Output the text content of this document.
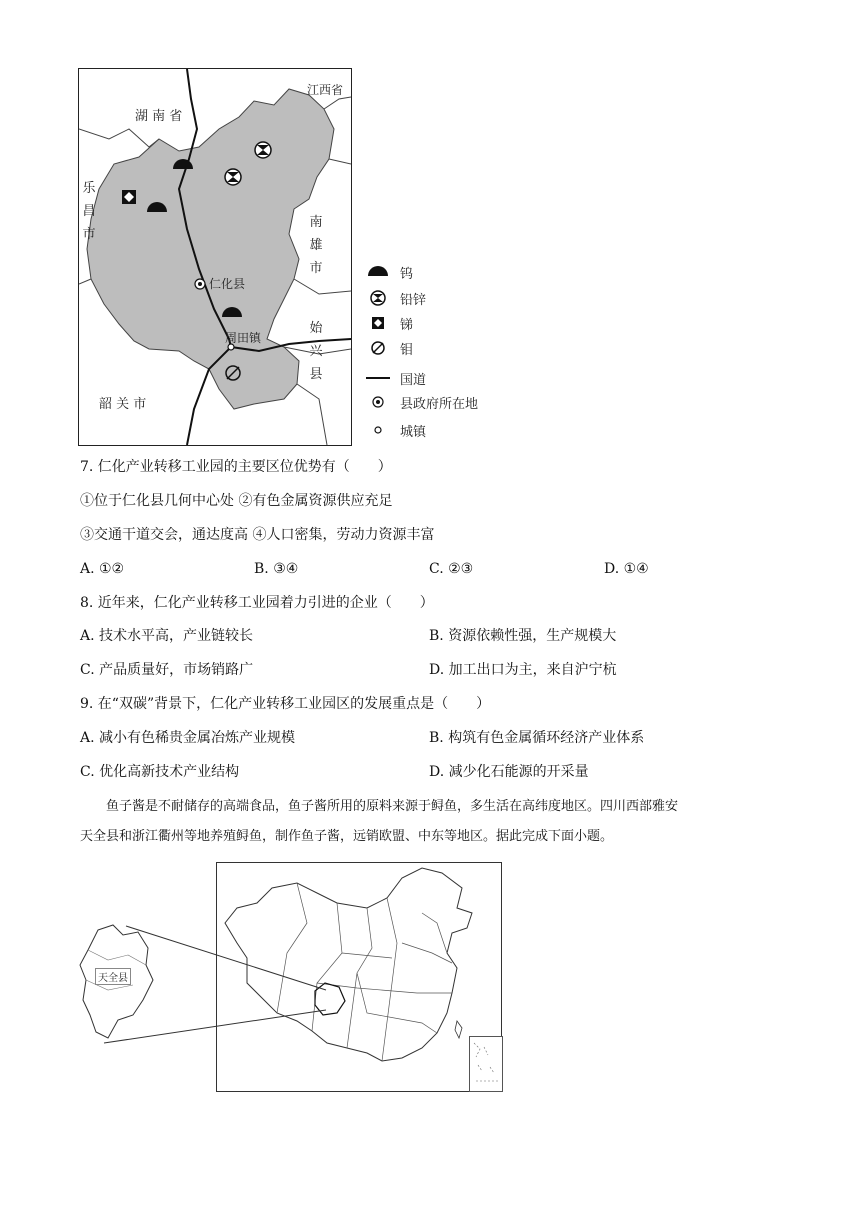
湖 南 省
江西省
乐
昌
市
南
雄
市
始
兴
县
韶 关 市
仁化县
周田镇
钨
铅锌
锑
钼
国道
县政府所在地
城镇
7. 仁化产业转移工业园的主要区位优势有（　　）
①位于仁化县几何中心处 ②有色金属资源供应充足
③交通干道交会，通达度高 ④人口密集，劳动力资源丰富
A. ①②	B. ③④	C. ②③	D. ①④
8. 近年来，仁化产业转移工业园着力引进的企业（　　）
A. 技术水平高，产业链较长	B. 资源依赖性强，生产规模大
C. 产品质量好，市场销路广	D. 加工出口为主，来自沪宁杭
9. 在“双碳”背景下，仁化产业转移工业园区的发展重点是（　　）
A. 减小有色稀贵金属冶炼产业规模	B. 构筑有色金属循环经济产业体系
C. 优化高新技术产业结构	D. 减少化石能源的开采量
鱼子酱是不耐储存的高端食品，鱼子酱所用的原料来源于鲟鱼，多生活在高纬度地区。四川西部雅安
天全县和浙江衢州等地养殖鲟鱼，制作鱼子酱，远销欧盟、中东等地区。据此完成下面小题。
天全县
